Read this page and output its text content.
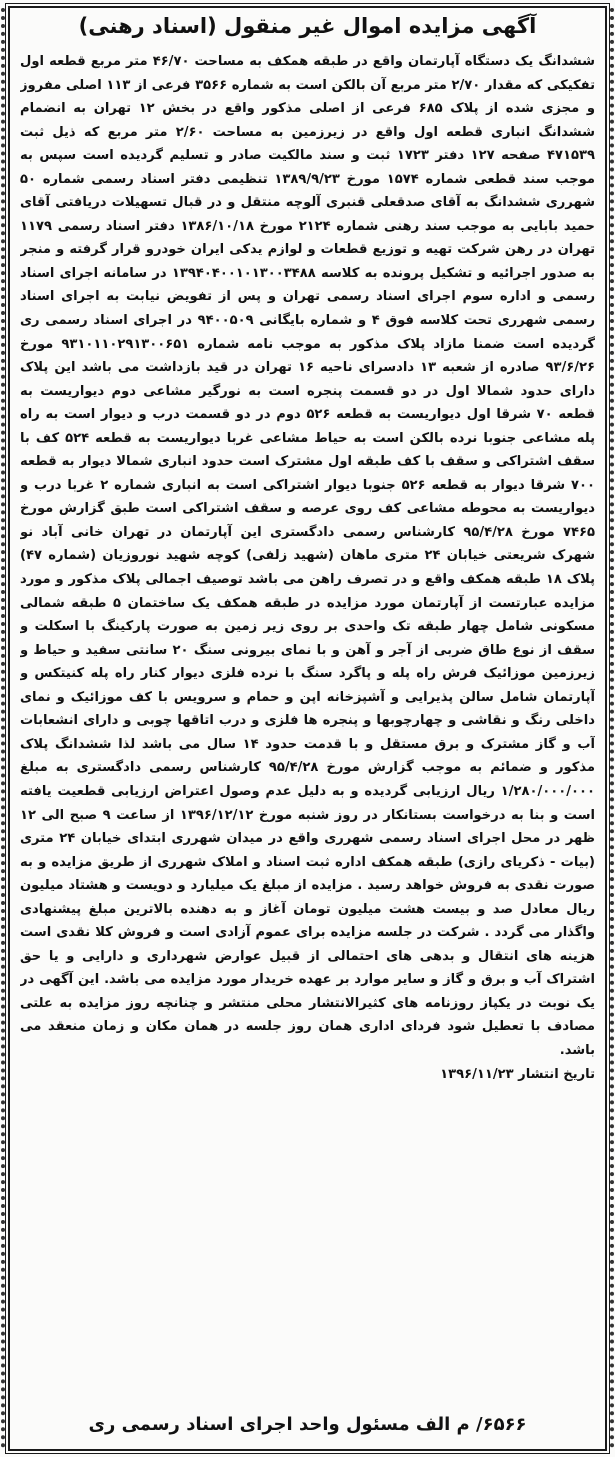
آگهی مزایده اموال غیر منقول (اسناد رهنی)

ششدانگ یک دستگاه آپارتمان واقع در طبقه همکف به مساحت ۴۶/۷۰ متر مربع قطعه اول تفکیکی که مقدار ۲/۷۰ متر مربع آن بالکن است به شماره ۳۵۶۶ فرعی از ۱۱۳ اصلی مفروز و مجزی شده از پلاک ۶۸۵ فرعی از اصلی مذکور واقع در بخش ۱۲ تهران به انضمام ششدانگ انباری قطعه اول واقع در زیرزمین به مساحت ۲/۶۰ متر مربع که ذیل ثبت ۴۷۱۵۳۹ صفحه ۱۲۷ دفتر ۱۷۲۳ ثبت و سند مالکیت صادر و تسلیم گردیده است سپس به موجب سند قطعی شماره ۱۵۷۴ مورخ ۱۳۸۹/۹/۲۳ تنظیمی دفتر اسناد رسمی شماره ۵۰ شهرری ششدانگ به آقای صدقعلی قنبری آلوچه منتقل و در قبال تسهیلات دریافتی آقای حمید بابایی به موجب سند رهنی شماره ۲۱۲۴ مورخ ۱۳۸۶/۱۰/۱۸ دفتر اسناد رسمی ۱۱۷۹ تهران در رهن شرکت تهیه و توزیع قطعات و لوازم یدکی ایران خودرو قرار گرفته و منجر به صدور اجرائیه و تشکیل پرونده به کلاسه ۱۳۹۴۰۴۰۰۱۰۱۳۰۰۳۴۸۸ در سامانه اجرای اسناد رسمی و اداره سوم اجرای اسناد رسمی تهران و پس از تفویض نیابت به اجرای اسناد رسمی شهرری تحت کلاسه فوق ۴ و شماره بایگانی ۹۴۰۰۵۰۹ در اجرای اسناد رسمی ری گردیده است ضمنا مازاد پلاک مذکور به موجب نامه شماره ۹۳۱۰۱۱۰۲۹۱۳۰۰۶۵۱ مورخ ۹۳/۶/۲۶ صادره از شعبه ۱۳ دادسرای ناحیه ۱۶ تهران در قید بازداشت می باشد این پلاک دارای حدود شمالا اول در دو قسمت پنجره است به نورگیر مشاعی دوم دیواریست به قطعه ۷۰ شرقا اول دیواریست به قطعه ۵۲۶ دوم در دو قسمت درب و دیوار است به راه پله مشاعی جنوبا نرده بالکن است به حیاط مشاعی غربا دیواریست به قطعه ۵۲۴ کف با سقف اشتراکی و سقف با کف طبقه اول مشترک است حدود انباری شمالا دیوار به قطعه ۷۰۰ شرقا دیوار به قطعه ۵۲۶ جنوبا دیوار اشتراکی است به انباری شماره ۲ غربا درب و دیواریست به محوطه مشاعی کف روی عرصه و سقف اشتراکی است طبق گزارش مورخ ۷۴۶۵ مورخ ۹۵/۴/۲۸ کارشناس رسمی دادگستری این آپارتمان در تهران خانی آباد نو شهرک شریعتی خیابان ۲۴ متری ماهان (شهید زلفی) کوچه شهید نوروزیان (شماره ۴۷) پلاک ۱۸ طبقه همکف واقع و در تصرف راهن می باشد توصیف اجمالی پلاک مذکور و مورد مزایده عبارتست از آپارتمان مورد مزایده در طبقه همکف یک ساختمان ۵ طبقه شمالی مسکونی شامل چهار طبقه تک واحدی بر روی زیر زمین به صورت پارکینگ با اسکلت و سقف از نوع طاق ضربی از آجر و آهن و با نمای بیرونی سنگ ۲۰ سانتی سفید و حیاط و زیرزمین موزائیک فرش راه پله و پاگرد سنگ با نرده فلزی دیوار کنار راه پله کنیتکس و آپارتمان شامل سالن پذیرایی و آشپزخانه اپن و حمام و سرویس با کف موزائیک و نمای داخلی رنگ و نقاشی و چهارچوبها و پنجره ها فلزی و درب اتاقها چوبی و دارای انشعابات آب و گاز مشترک و برق مستقل و با قدمت حدود ۱۴ سال می باشد لذا ششدانگ پلاک مذکور و ضمائم به موجب گزارش مورخ ۹۵/۴/۲۸ کارشناس رسمی دادگستری به مبلغ ۱/۲۸۰/۰۰۰/۰۰۰ ریال ارزیابی گردیده و به دلیل عدم وصول اعتراض ارزیابی قطعیت یافته است و بنا به درخواست بستانکار در روز شنبه مورخ ۱۳۹۶/۱۲/۱۲ از ساعت ۹ صبح الی ۱۲ ظهر در محل اجرای اسناد رسمی شهرری واقع در میدان شهرری ابتدای خیابان ۲۴ متری (بیات - ذکریای رازی) طبقه همکف اداره ثبت اسناد و املاک شهرری از طریق مزایده و به صورت نقدی به فروش خواهد رسید . مزایده از مبلغ یک میلیارد و دویست و هشتاد میلیون ریال معادل صد و بیست هشت میلیون تومان آغاز و به دهنده بالاترین مبلغ پیشنهادی واگذار می گردد . شرکت در جلسه مزایده برای عموم آزادی است و فروش کلا نقدی است هزینه های انتقال و بدهی های احتمالی از قبیل عوارض شهرداری و دارایی و یا حق اشتراک آب و برق و گاز و سایر موارد بر عهده خریدار مورد مزایده می باشد. این آگهی در یک نوبت در یکپاز روزنامه های کثیرالانتشار محلی منتشر و چنانچه روز مزایده به علتی مصادف با تعطیل شود فردای اداری همان روز جلسه در همان مکان و زمان منعقد می باشد.

تاریخ انتشار ۱۳۹۶/۱۱/۲۳
۶۵۶۶/ م الف مسئول واحد اجرای اسناد رسمی ری
